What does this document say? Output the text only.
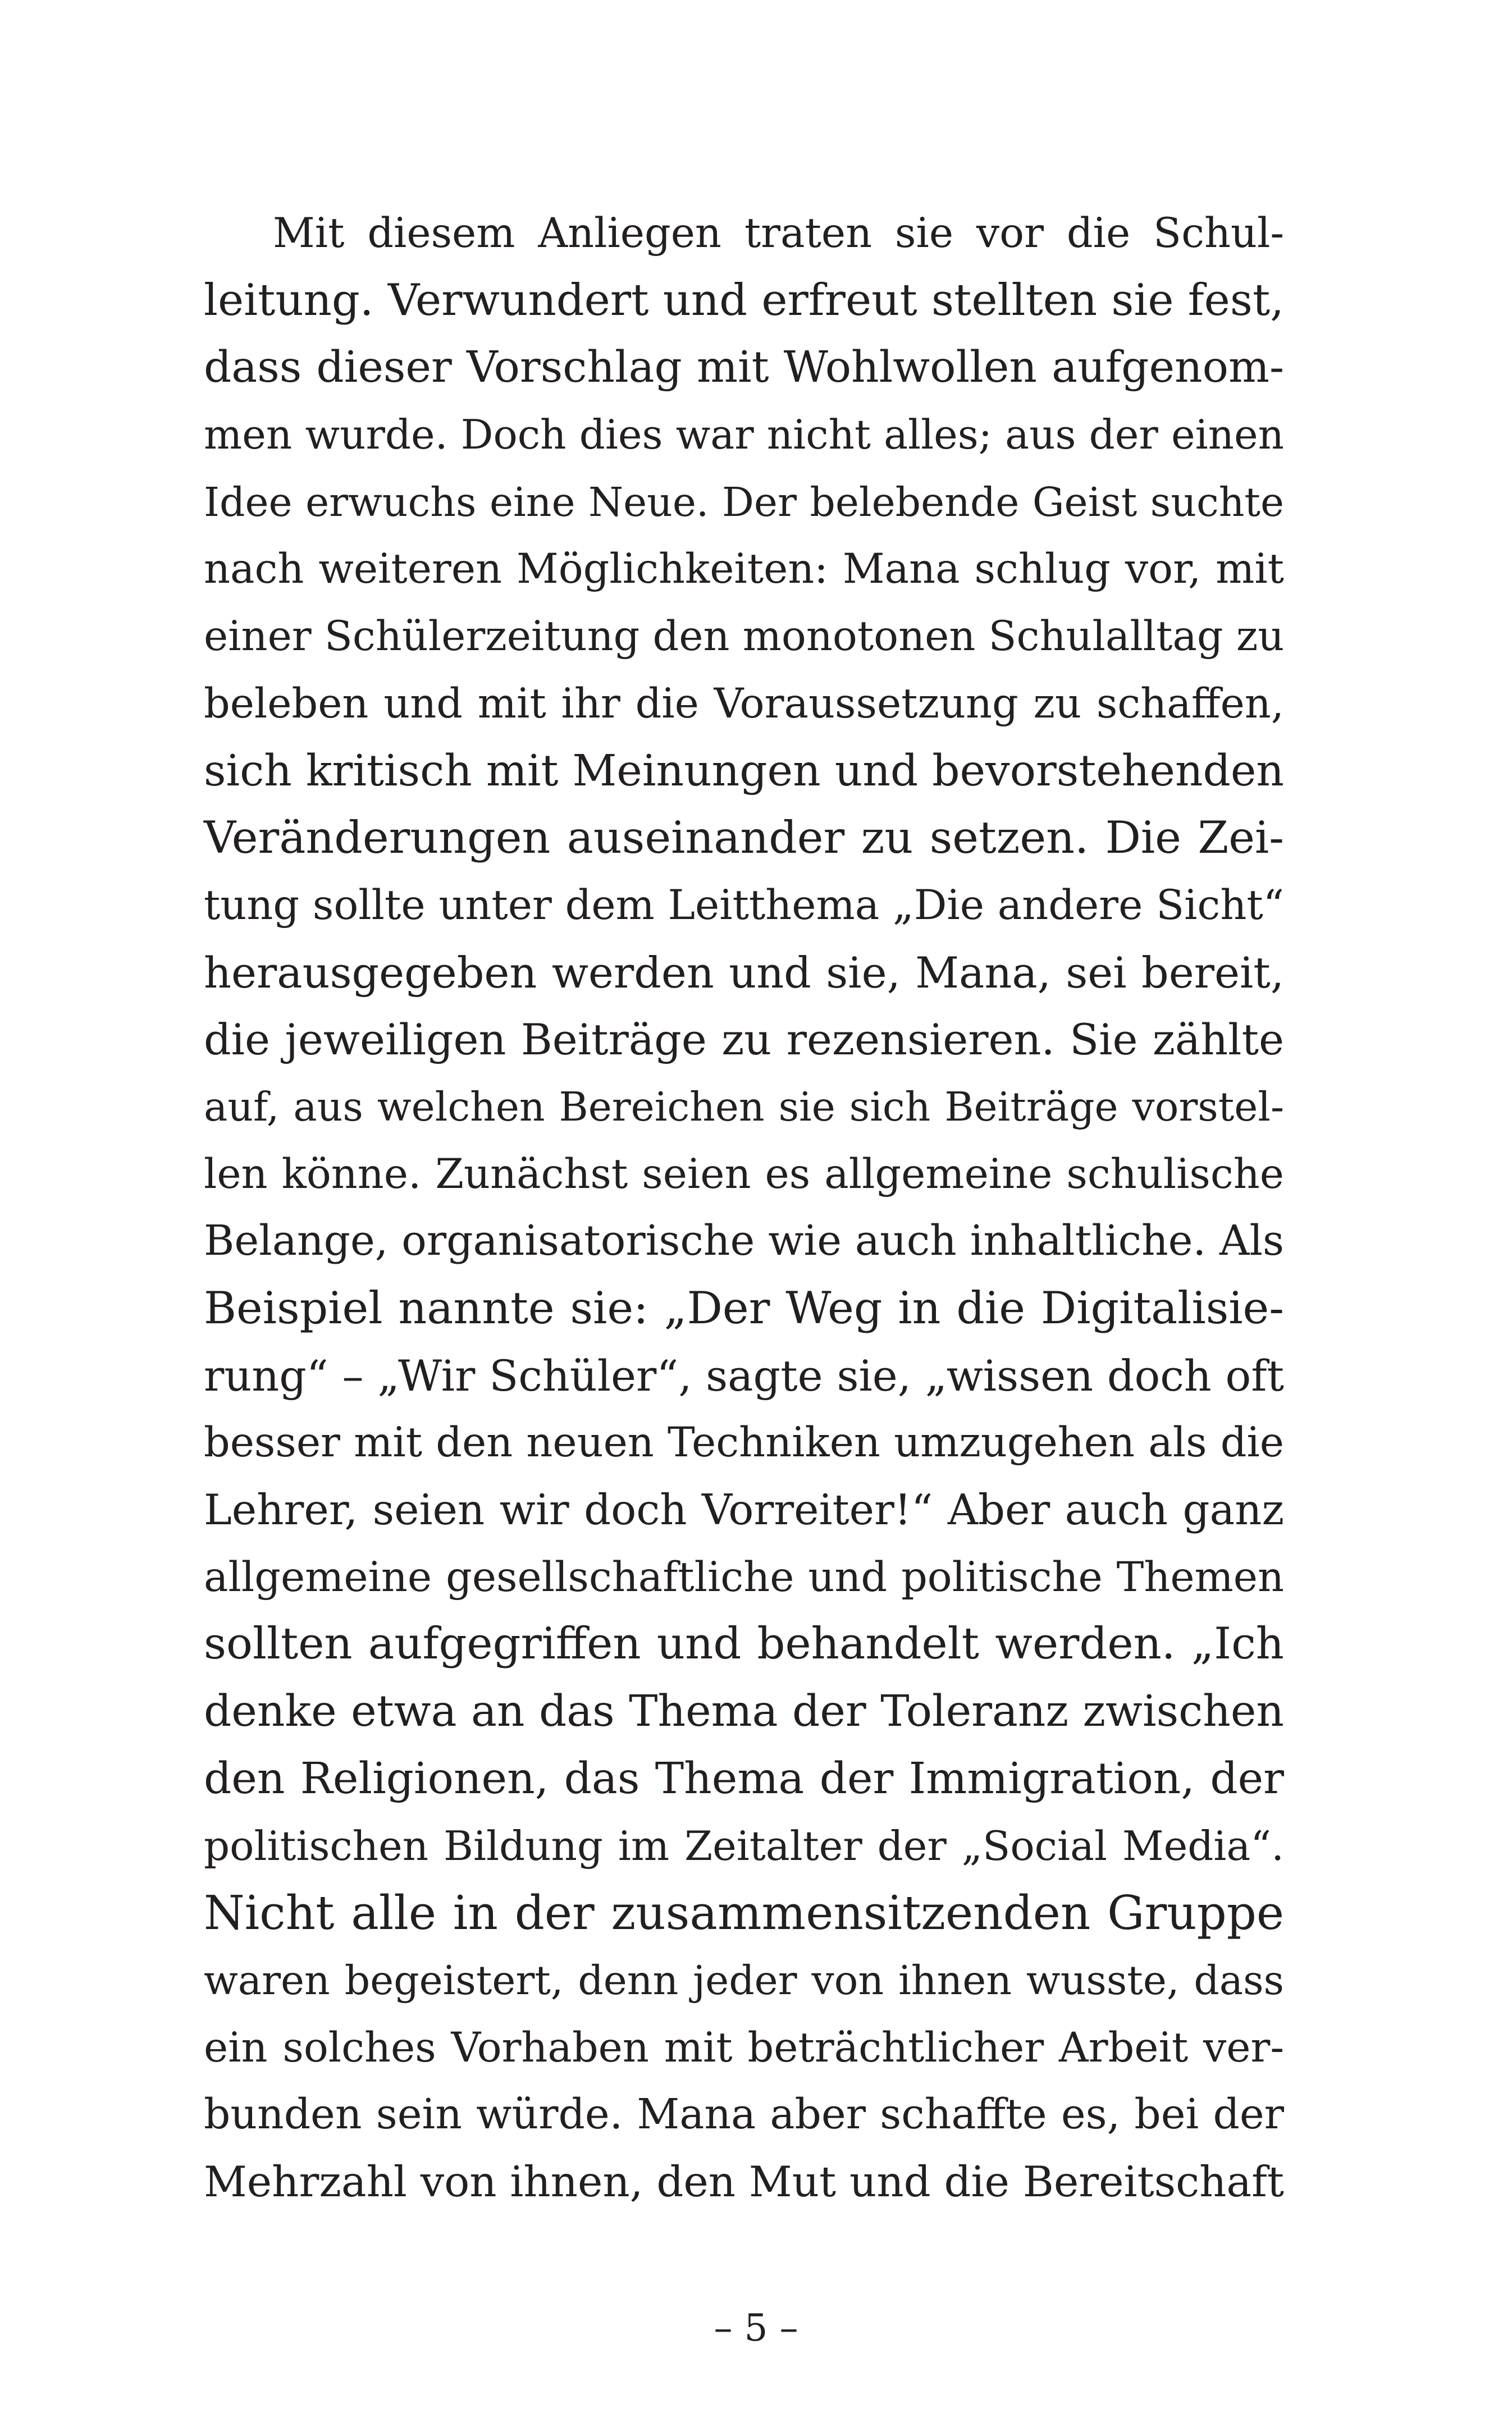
Mit diesem Anliegen traten sie vor die Schul-
leitung. Verwundert und erfreut stellten sie fest,
dass dieser Vorschlag mit Wohlwollen aufgenom-
men wurde. Doch dies war nicht alles; aus der einen
Idee erwuchs eine Neue. Der belebende Geist suchte
nach weiteren Möglichkeiten: Mana schlug vor, mit
einer Schülerzeitung den monotonen Schulalltag zu
beleben und mit ihr die Voraussetzung zu schaffen,
sich kritisch mit Meinungen und bevorstehenden
Veränderungen auseinander zu setzen. Die Zei-
tung sollte unter dem Leitthema „Die andere Sicht“
herausgegeben werden und sie, Mana, sei bereit,
die jeweiligen Beiträge zu rezensieren. Sie zählte
auf, aus welchen Bereichen sie sich Beiträge vorstel-
len könne. Zunächst seien es allgemeine schulische
Belange, organisatorische wie auch inhaltliche. Als
Beispiel nannte sie: „Der Weg in die Digitalisie-
rung“ – „Wir Schüler“, sagte sie, „wissen doch oft
besser mit den neuen Techniken umzugehen als die
Lehrer, seien wir doch Vorreiter!“ Aber auch ganz
allgemeine gesellschaftliche und politische Themen
sollten aufgegriffen und behandelt werden. „Ich
denke etwa an das Thema der Toleranz zwischen
den Religionen, das Thema der Immigration, der
politischen Bildung im Zeitalter der „Social Media“.
Nicht alle in der zusammensitzenden Gruppe
waren begeistert, denn jeder von ihnen wusste, dass
ein solches Vorhaben mit beträchtlicher Arbeit ver-
bunden sein würde. Mana aber schaffte es, bei der
Mehrzahl von ihnen, den Mut und die Bereitschaft
– 5 –
